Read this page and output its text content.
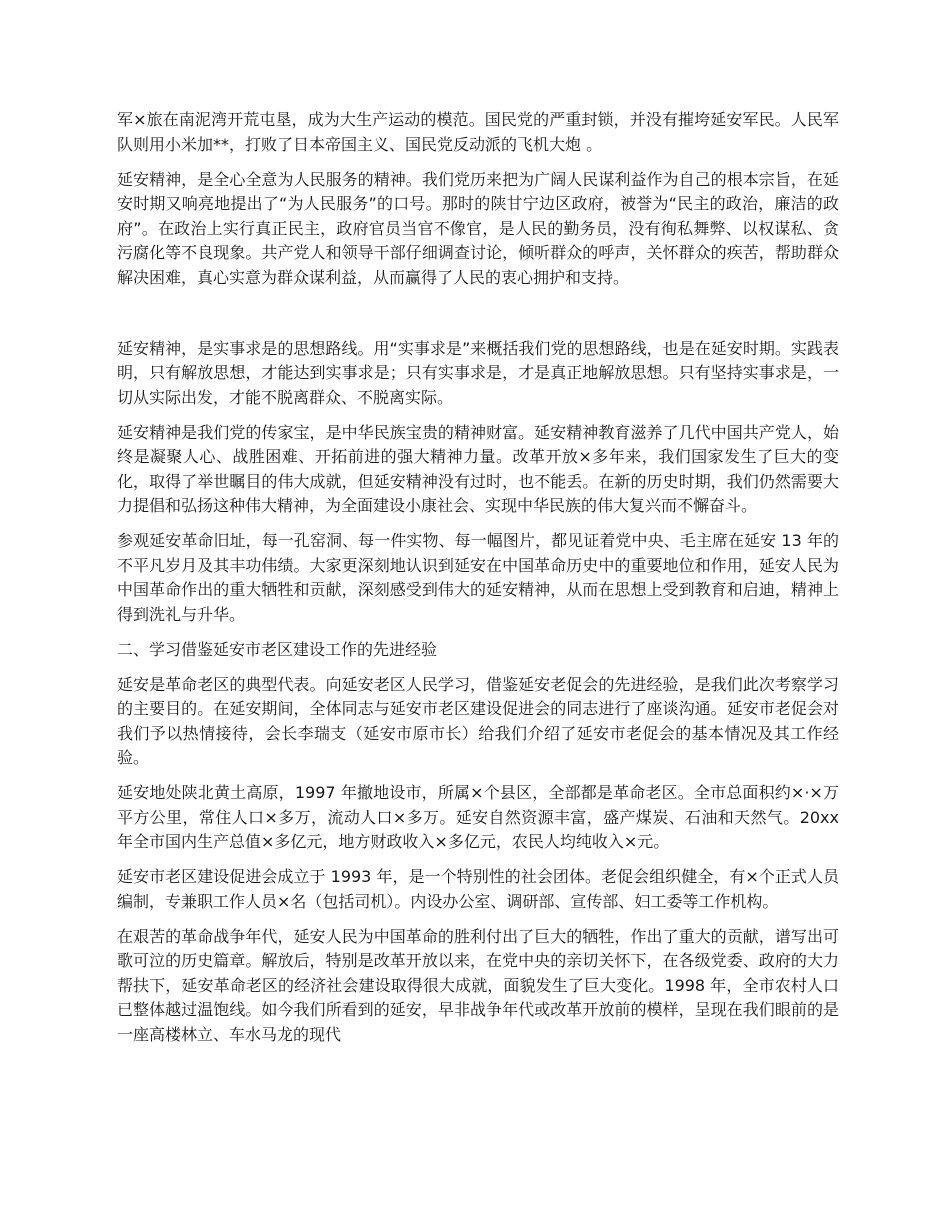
军×旅在南泥湾开荒屯垦，成为大生产运动的模范。国民党的严重封锁，并没有摧垮延安军民。人民军队则用小米加**，打败了日本帝国主义、国民党反动派的飞机大炮 。

延安精神，是全心全意为人民服务的精神。我们党历来把为广阔人民谋利益作为自己的根本宗旨，在延安时期又响亮地提出了“为人民服务”的口号。那时的陕甘宁边区政府，被誉为“民主的政治，廉洁的政府”。在政治上实行真正民主，政府官员当官不像官，是人民的勤务员，没有徇私舞弊、以权谋私、贪污腐化等不良现象。共产党人和领导干部仔细调查讨论，倾听群众的呼声，关怀群众的疾苦，帮助群众解决困难，真心实意为群众谋利益，从而赢得了人民的衷心拥护和支持。

延安精神，是实事求是的思想路线。用“实事求是”来概括我们党的思想路线，也是在延安时期。实践表明，只有解放思想，才能达到实事求是；只有实事求是，才是真正地解放思想。只有坚持实事求是，一切从实际出发，才能不脱离群众、不脱离实际。

延安精神是我们党的传家宝，是中华民族宝贵的精神财富。延安精神教育滋养了几代中国共产党人，始终是凝聚人心、战胜困难、开拓前进的强大精神力量。改革开放×多年来，我们国家发生了巨大的变化，取得了举世瞩目的伟大成就，但延安精神没有过时，也不能丢。在新的历史时期，我们仍然需要大力提倡和弘扬这种伟大精神，为全面建设小康社会、实现中华民族的伟大复兴而不懈奋斗。

参观延安革命旧址，每一孔窑洞、每一件实物、每一幅图片，都见证着党中央、毛主席在延安 13 年的不平凡岁月及其丰功伟绩。大家更深刻地认识到延安在中国革命历史中的重要地位和作用，延安人民为中国革命作出的重大牺牲和贡献，深刻感受到伟大的延安精神，从而在思想上受到教育和启迪，精神上得到洗礼与升华。

二、学习借鉴延安市老区建设工作的先进经验

延安是革命老区的典型代表。向延安老区人民学习，借鉴延安老促会的先进经验，是我们此次考察学习的主要目的。在延安期间，全体同志与延安市老区建设促进会的同志进行了座谈沟通。延安市老促会对我们予以热情接待，会长李瑞支（延安市原市长）给我们介绍了延安市老促会的基本情况及其工作经验。

延安地处陕北黄土高原，1997 年撤地设市，所属×个县区，全部都是革命老区。全市总面积约×·×万平方公里，常住人口×多万，流动人口×多万。延安自然资源丰富，盛产煤炭、石油和天然气。20xx 年全市国内生产总值×多亿元，地方财政收入×多亿元，农民人均纯收入×元。

延安市老区建设促进会成立于 1993 年，是一个特别性的社会团体。老促会组织健全，有×个正式人员编制，专兼职工作人员×名（包括司机）。内设办公室、调研部、宣传部、妇工委等工作机构。

在艰苦的革命战争年代，延安人民为中国革命的胜利付出了巨大的牺牲，作出了重大的贡献，谱写出可歌可泣的历史篇章。解放后，特别是改革开放以来，在党中央的亲切关怀下，在各级党委、政府的大力帮扶下，延安革命老区的经济社会建设取得很大成就，面貌发生了巨大变化。1998 年，全市农村人口已整体越过温饱线。如今我们所看到的延安，早非战争年代或改革开放前的模样，呈现在我们眼前的是一座高楼林立、车水马龙的现代
